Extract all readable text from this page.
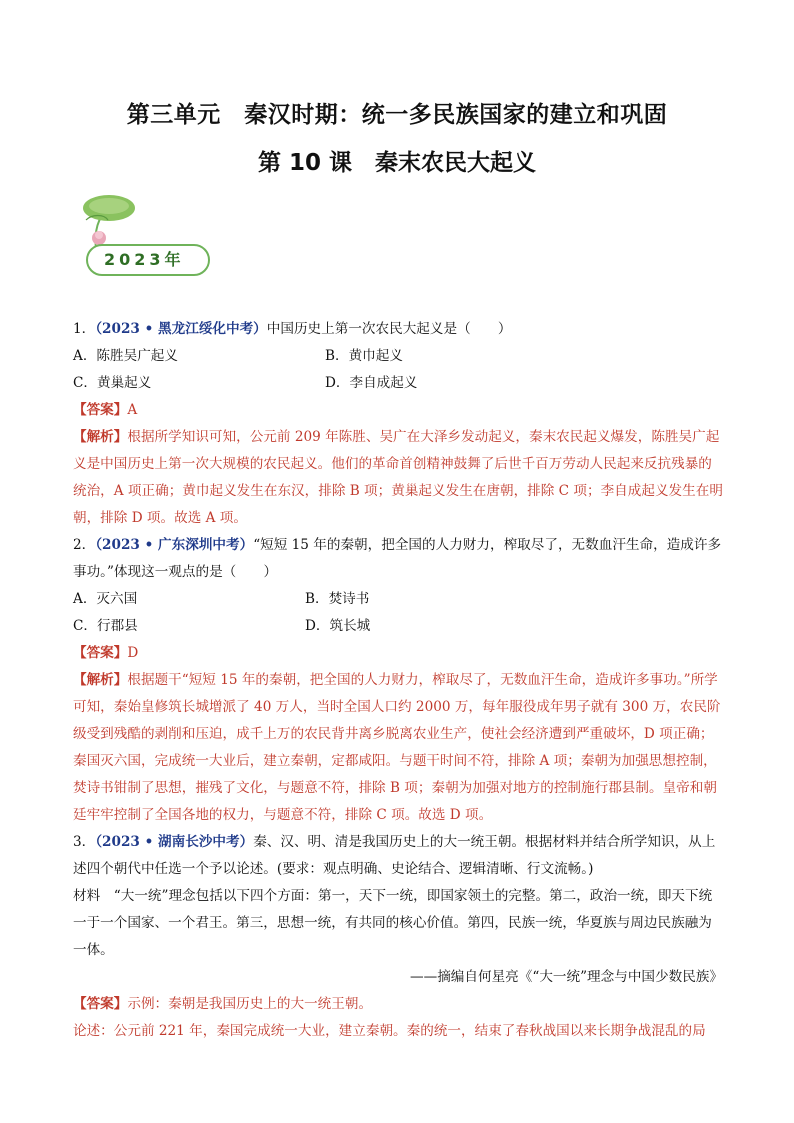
第三单元　秦汉时期：统一多民族国家的建立和巩固
第 10 课　秦末农民大起义
2023年

1．（2023 • 黑龙江绥化中考）中国历史上第一次农民大起义是（　　）

A．陈胜吴广起义	B．黄巾起义
C．黄巢起义	D．李自成起义

【答案】A

【解析】根据所学知识可知，公元前 209 年陈胜、吴广在大泽乡发动起义，秦末农民起义爆发，陈胜吴广起义是中国历史上第一次大规模的农民起义。他们的革命首创精神鼓舞了后世千百万劳动人民起来反抗残暴的统治，A 项正确；黄巾起义发生在东汉，排除 B 项；黄巢起义发生在唐朝，排除 C 项；李自成起义发生在明朝，排除 D 项。故选 A 项。

2．（2023 • 广东深圳中考）“短短 15 年的秦朝，把全国的人力财力，榨取尽了，无数血汗生命，造成许多事功。”体现这一观点的是（　　）

A．灭六国	B．焚诗书
C．行郡县	D．筑长城

【答案】D

【解析】根据题干“短短 15 年的秦朝，把全国的人力财力，榨取尽了，无数血汗生命，造成许多事功。”所学可知，秦始皇修筑长城增派了 40 万人，当时全国人口约 2000 万，每年服役成年男子就有 300 万，农民阶级受到残酷的剥削和压迫，成千上万的农民背井离乡脱离农业生产，使社会经济遭到严重破坏，D 项正确；秦国灭六国，完成统一大业后，建立秦朝，定都咸阳。与题干时间不符，排除 A 项；秦朝为加强思想控制，焚诗书钳制了思想，摧残了文化，与题意不符，排除 B 项；秦朝为加强对地方的控制施行郡县制。皇帝和朝廷牢牢控制了全国各地的权力，与题意不符，排除 C 项。故选 D 项。

3．（2023 • 湖南长沙中考）秦、汉、明、清是我国历史上的大一统王朝。根据材料并结合所学知识，从上述四个朝代中任选一个予以论述。(要求：观点明确、史论结合、逻辑清晰、行文流畅。)

材料　“大一统”理念包括以下四个方面：第一，天下一统，即国家领土的完整。第二，政治一统，即天下统一于一个国家、一个君王。第三，思想一统，有共同的核心价值。第四，民族一统，华夏族与周边民族融为一体。

——摘编自何星亮《“大一统”理念与中国少数民族》

【答案】示例：秦朝是我国历史上的大一统王朝。

论述：公元前 221 年，秦国完成统一大业，建立秦朝。秦的统一，结束了春秋战国以来长期争战混乱的局
